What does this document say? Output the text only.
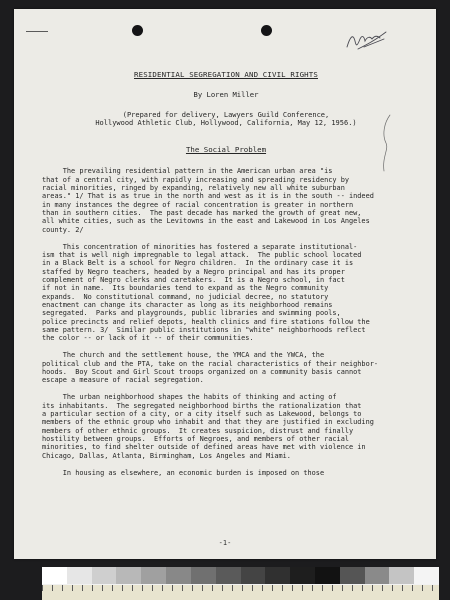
RESIDENTIAL SEGREGATION AND CIVIL RIGHTS
By Loren Miller
(Prepared for delivery, Lawyers Guild Conference,
Hollywood Athletic Club, Hollywood, California, May 12, 1956.)
The Social Problem
The prevailing residential pattern in the American urban area "is
that of a central city, with rapidly increasing and spreading residency by
racial minorities, ringed by expanding, relatively new all white suburban
areas." 1/ That is as true in the north and west as it is in the south -- indeed
in many instances the degree of racial concentration is greater in northern
than in southern cities.  The past decade has marked the growth of great new,
all white cities, such as the Levitowns in the east and Lakewood in Los Angeles
county. 2/
This concentration of minorities has fostered a separate institutional-
ism that is well nigh impregnable to legal attack.  The public school located
in a Black Belt is a school for Negro children.  In the ordinary case it is
staffed by Negro teachers, headed by a Negro principal and has its proper
complement of Negro clerks and caretakers.  It is a Negro school, in fact
if not in name.  Its boundaries tend to expand as the Negro community
expands.  No constitutional command, no judicial decree, no statutory
enactment can change its character as long as its neighborhood remains
segregated.  Parks and playgrounds, public libraries and swimming pools,
police precincts and relief depots, health clinics and fire stations follow the
same pattern. 3/  Similar public institutions in "white" neighborhoods reflect
the color -- or lack of it -- of their communities.
The church and the settlement house, the YMCA and the YWCA, the
political club and the PTA, take on the racial characteristics of their neighbor-
hoods.  Boy Scout and Girl Scout troops organized on a community basis cannot
escape a measure of racial segregation.
The urban neighborhood shapes the habits of thinking and acting of
its inhabitants.  The segregated neighborhood births the rationalization that
a particular section of a city, or a city itself such as Lakewood, belongs to
members of the ethnic group who inhabit and that they are justified in excluding
members of other ethnic groups.  It creates suspicion, distrust and finally
hostility between groups.  Efforts of Negroes, and members of other racial
minorities, to find shelter outside of defined areas have met with violence in
Chicago, Dallas, Atlanta, Birmingham, Los Angeles and Miami.
In housing as elsewhere, an economic burden is imposed on those
-1-
